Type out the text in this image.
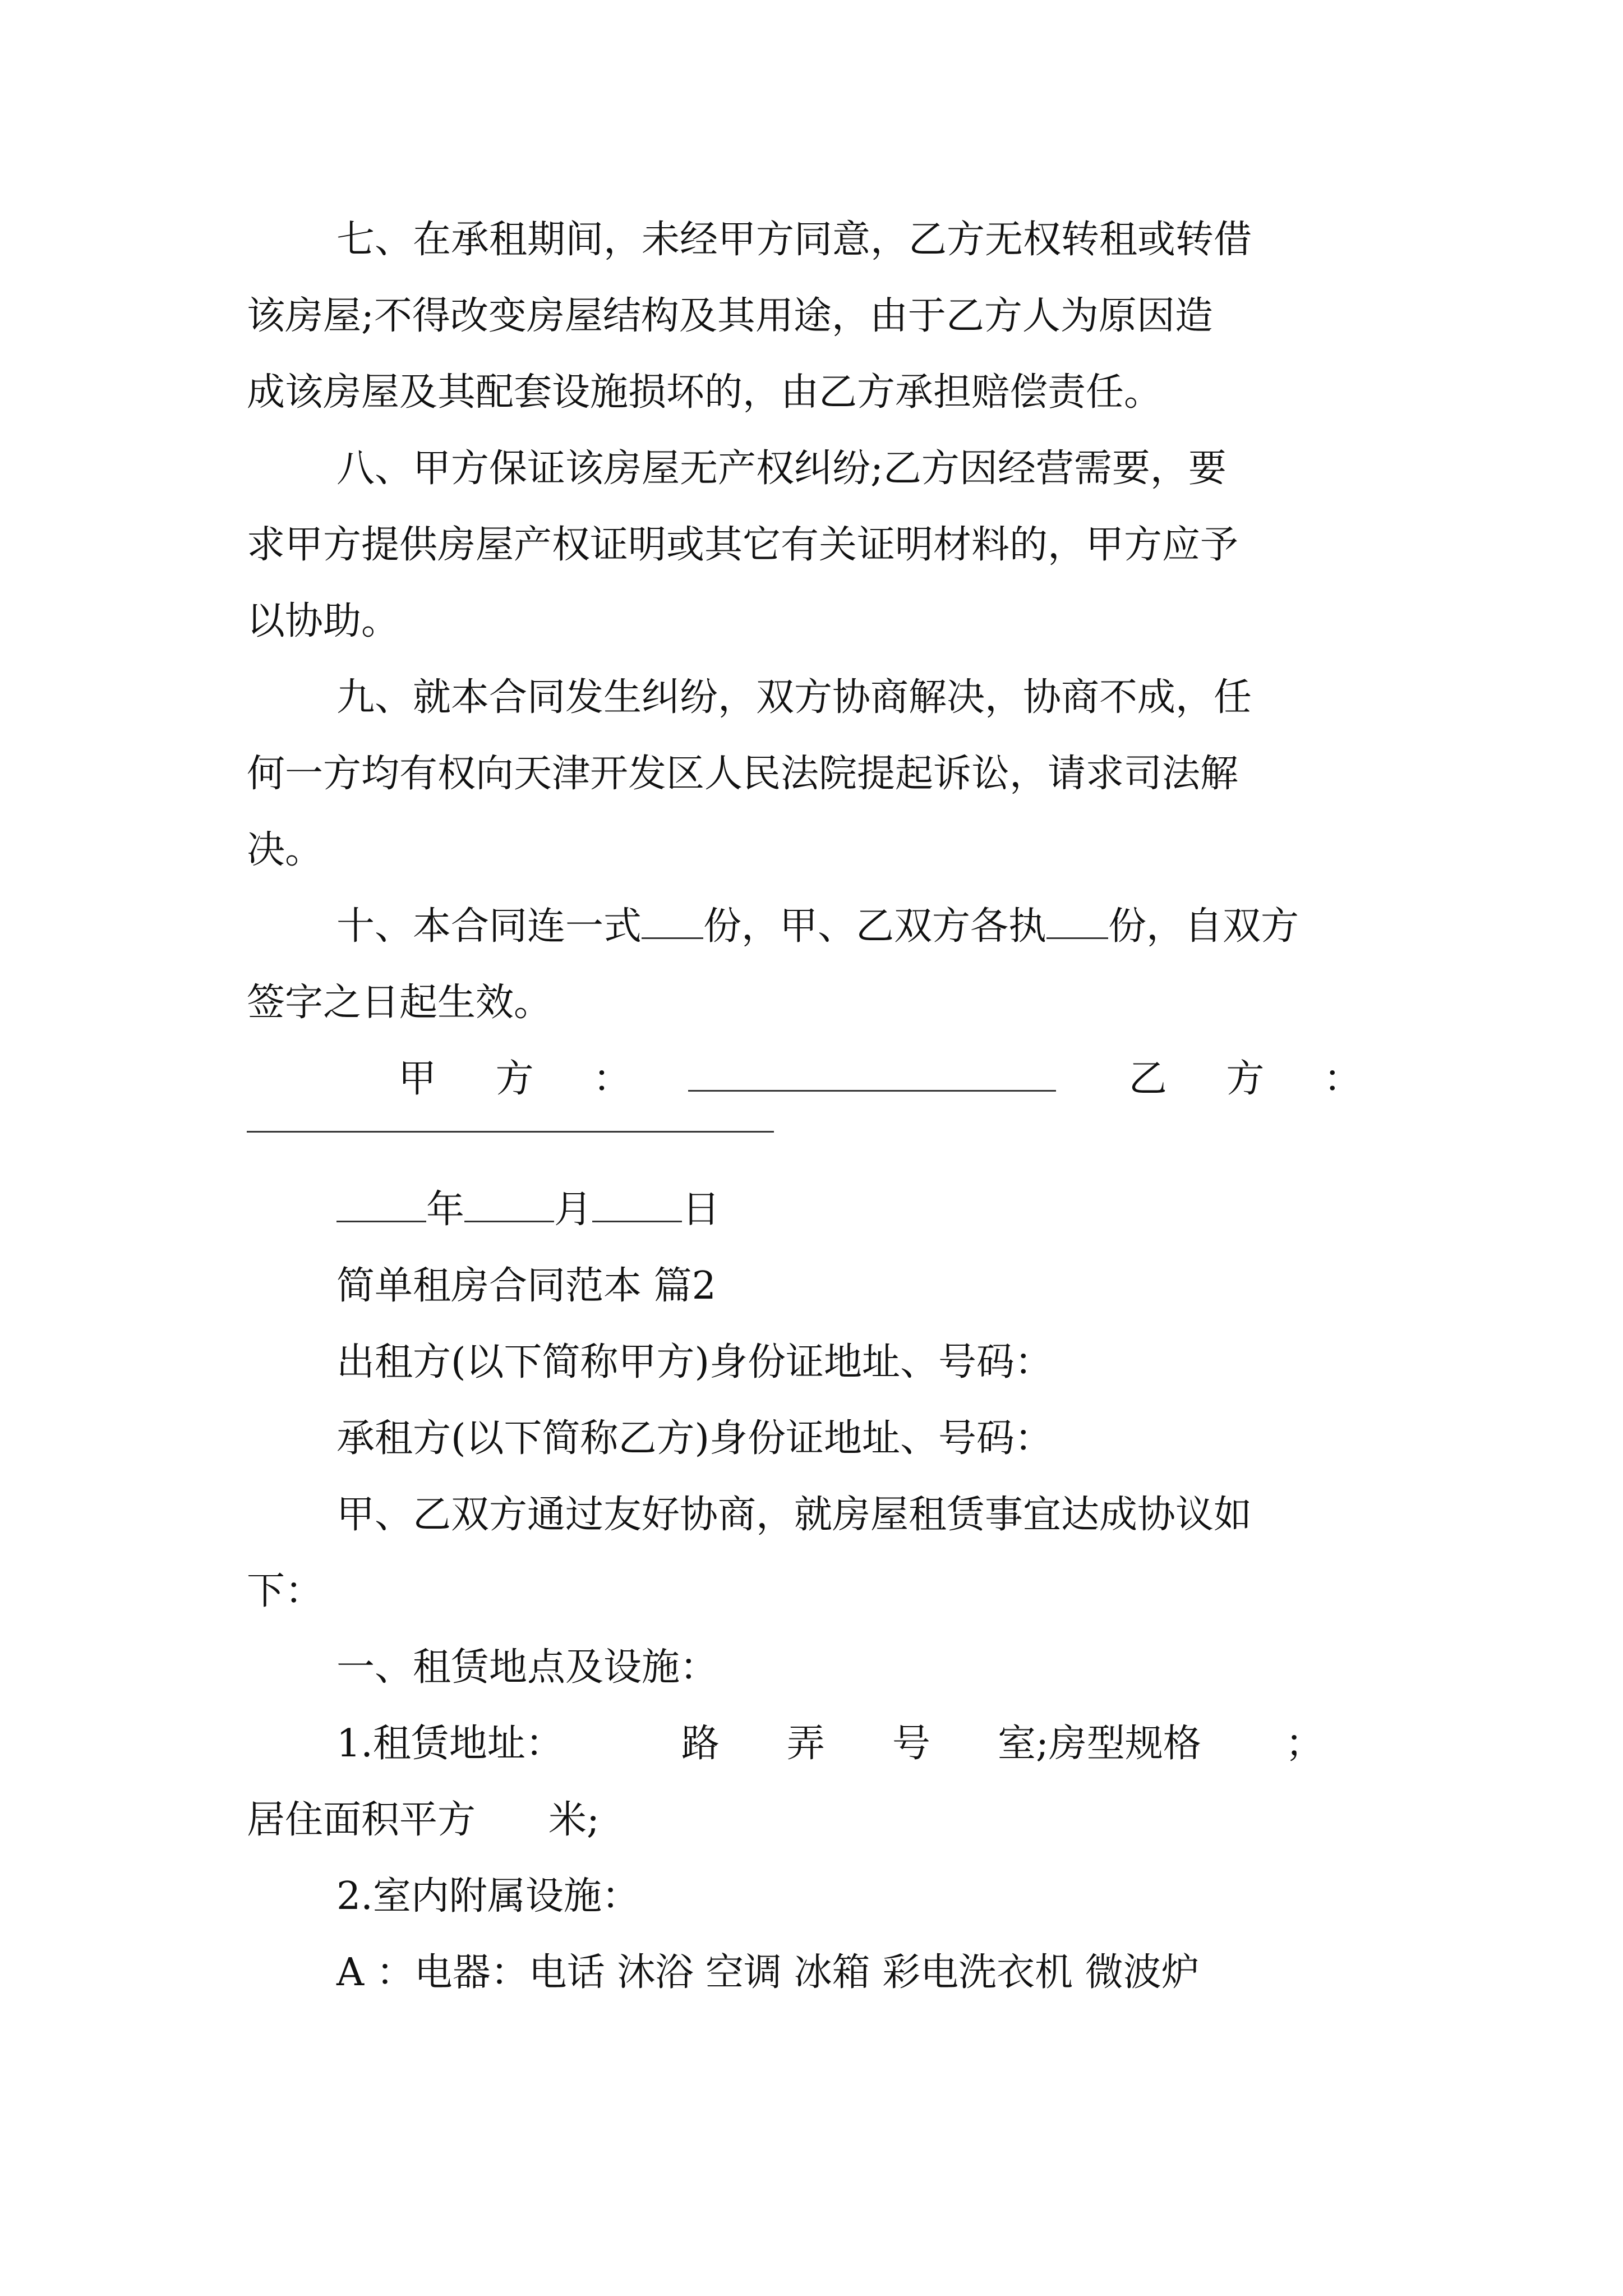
七、在承租期间，未经甲方同意，乙方无权转租或转借
该房屋;不得改变房屋结构及其用途，由于乙方人为原因造
成该房屋及其配套设施损坏的，由乙方承担赔偿责任。
八、甲方保证该房屋无产权纠纷;乙方因经营需要，要
求甲方提供房屋产权证明或其它有关证明材料的，甲方应予
以协助。
九、就本合同发生纠纷，双方协商解决，协商不成，任
何一方均有权向天津开发区人民法院提起诉讼，请求司法解
决。
十、本合同连一式 份，甲、乙双方各执 份，自双方
签字之日起生效。
甲 方 ：	乙 方 ：
年 月 日
简单租房合同范本 篇2
出租方(以下简称甲方)身份证地址、号码：
承租方(以下简称乙方)身份证地址、号码：
甲、乙双方通过友好协商，就房屋租赁事宜达成协议如
下：
一、租赁地点及设施：
1.租赁地址：	路 弄 号 室;房型规格 ；
居住面积平方 米;
2.室内附属设施：
A ：电器：电话 沐浴 空调 冰箱 彩电洗衣机 微波炉
